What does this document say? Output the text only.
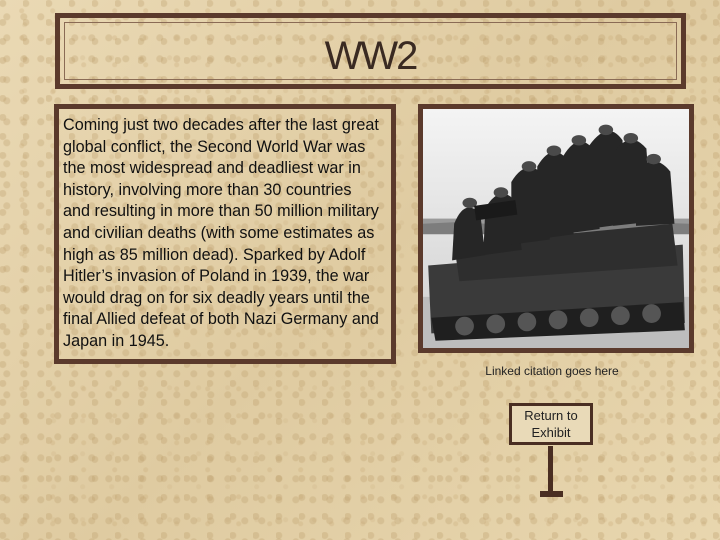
WW2

Coming just two decades after the last great global conflict, the Second World War was the most widespread and deadliest war in history, involving more than 30 countries and resulting in more than 50 million military and civilian deaths (with some estimates as high as 85 million dead). Sparked by Adolf Hitler’s invasion of Poland in 1939, the war would drag on for six deadly years until the final Allied defeat of both Nazi Germany and Japan in 1945.

Linked citation goes here
Return to
Exhibit
